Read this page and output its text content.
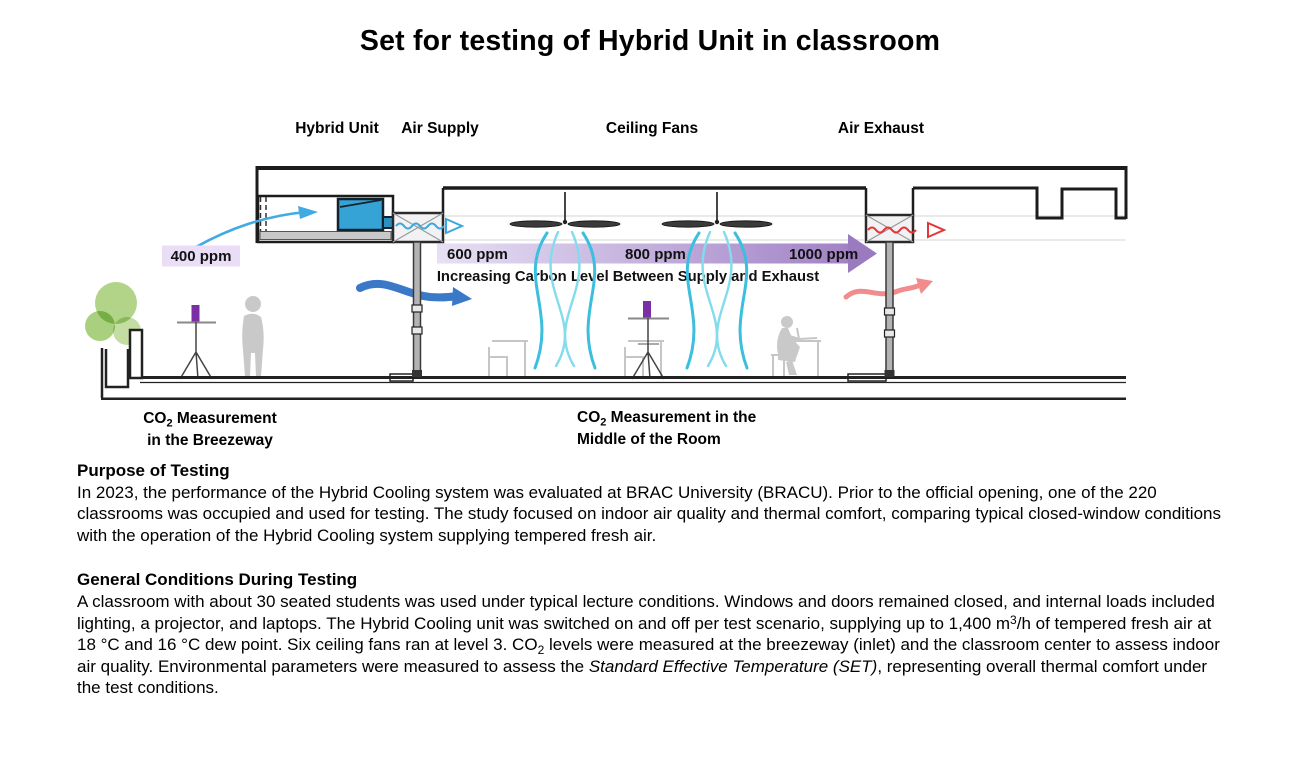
Set for testing of Hybrid Unit in classroom
Hybrid Unit Air Supply	Ceiling Fans	Air Exhaust
400 ppm	600 ppm	800 ppm	1000 ppm
Increasing Carbon Level Between Supply and Exhaust
$CO_2$ Measurement
in the Breezeway
$CO_2$ Measurement in the
Middle of the Room
Purpose of Testing

In 2023, the performance of the Hybrid Cooling system was evaluated at BRAC University (BRACU). Prior to the official opening, one of the 220 classrooms was occupied and used for testing. The study focused on indoor air quality and thermal comfort, comparing typical closed-window conditions with the operation of the Hybrid Cooling system supplying tempered fresh air.

General Conditions During Testing

A classroom with about 30 seated students was used under typical lecture conditions. Windows and doors remained closed, and internal loads included lighting, a projector, and laptops. The Hybrid Cooling unit was switched on and off per test scenario, supplying up to 1,400 $m^3/h$ of tempered fresh air at 18 °C and 16 °C dew point. Six ceiling fans ran at level 3. $CO_2$ levels were measured at the breezeway (inlet) and the classroom center to assess indoor air quality. Environmental parameters were measured to assess the Standard Effective Temperature (SET), representing overall thermal comfort under the test conditions.
